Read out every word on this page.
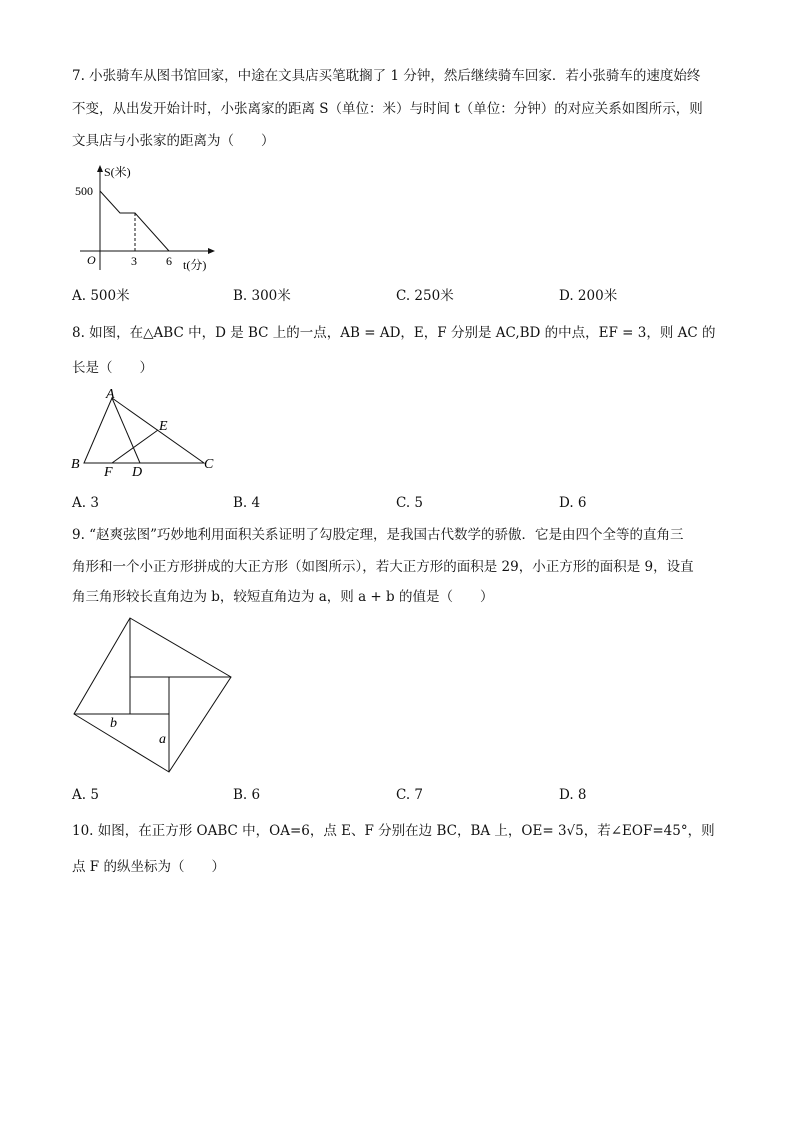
7. 小张骑车从图书馆回家，中途在文具店买笔耽搁了 1 分钟，然后继续骑车回家．若小张骑车的速度始终
不变，从出发开始计时，小张离家的距离 S（单位：米）与时间 t（单位：分钟）的对应关系如图所示，则
文具店与小张家的距离为（　　）
S(米)
t(分)
O
500
3 6
A. 500米	B. 300米	C. 250米	D. 200米
8. 如图，在△ABC 中，D 是 BC 上的一点，AB = AD，E，F 分别是 AC,BD 的中点，EF = 3，则 AC 的
长是（　　）
A
B	C
D
E
F
A. 3	B. 4	C. 5	D. 6
9. “赵爽弦图”巧妙地利用面积关系证明了勾股定理，是我国古代数学的骄傲．它是由四个全等的直角三
角形和一个小正方形拼成的大正方形（如图所示），若大正方形的面积是 29，小正方形的面积是 9，设直
角三角形较长直角边为 b，较短直角边为 a，则 a + b 的值是（　　）
b
a
A. 5	B. 6	C. 7	D. 8
10. 如图，在正方形 OABC 中，OA=6，点 E、F 分别在边 BC，BA 上，OE= 3√5，若∠EOF=45°，则
点 F 的纵坐标为（　　）
